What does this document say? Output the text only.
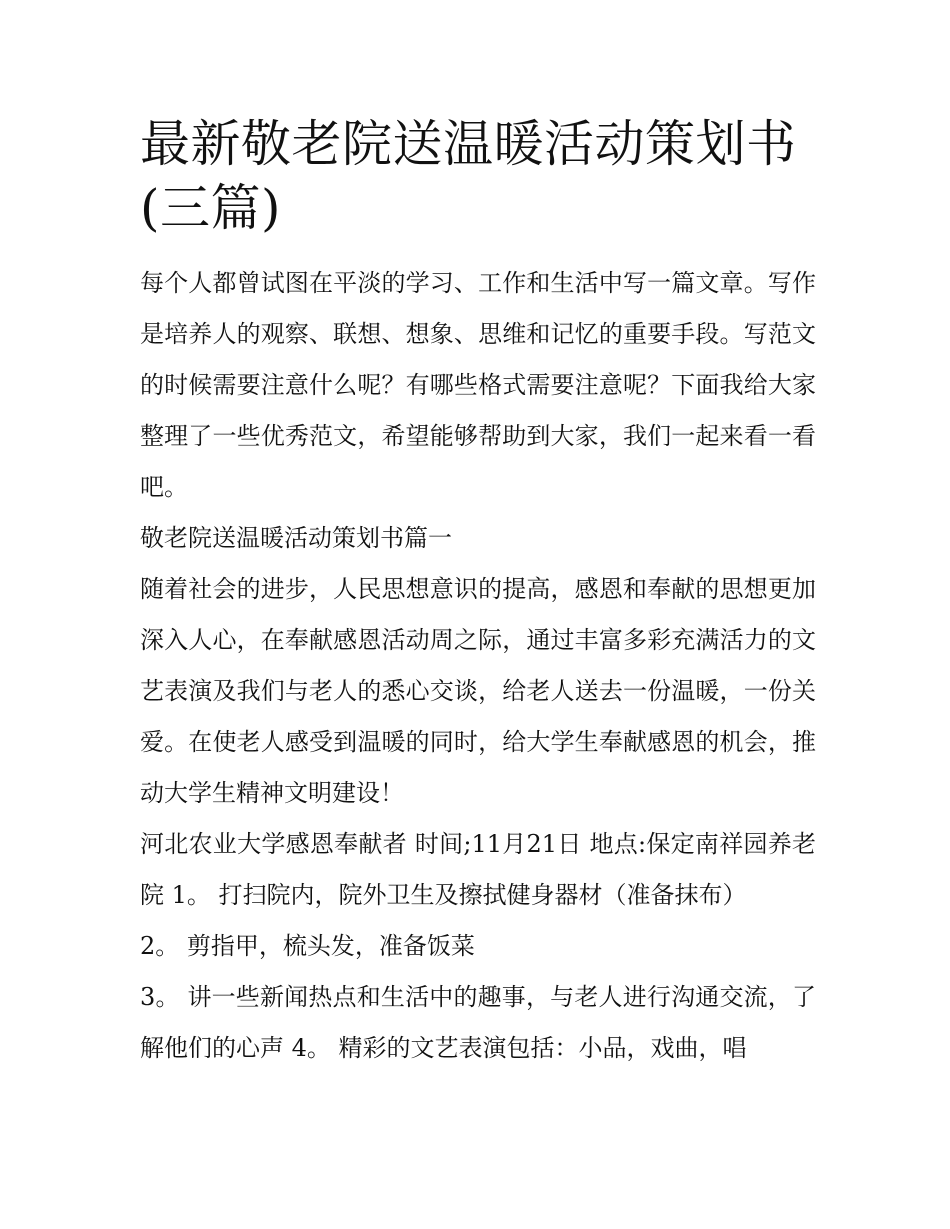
最新敬老院送温暖活动策划书(三篇)

每个人都曾试图在平淡的学习、工作和生活中写一篇文章。写作是培养人的观察、联想、想象、思维和记忆的重要手段。写范文的时候需要注意什么呢？有哪些格式需要注意呢？下面我给大家整理了一些优秀范文，希望能够帮助到大家，我们一起来看一看吧。

敬老院送温暖活动策划书篇一

随着社会的进步，人民思想意识的提高，感恩和奉献的思想更加深入人心，在奉献感恩活动周之际，通过丰富多彩充满活力的文艺表演及我们与老人的悉心交谈，给老人送去一份温暖，一份关爱。在使老人感受到温暖的同时，给大学生奉献感恩的机会，推动大学生精神文明建设！

河北农业大学感恩奉献者 时间;11月21日 地点:保定南祥园养老院 1。 打扫院内，院外卫生及擦拭健身器材（准备抹布）

2。 剪指甲，梳头发，准备饭菜

3。 讲一些新闻热点和生活中的趣事，与老人进行沟通交流，了解他们的心声 4。 精彩的文艺表演包括：小品，戏曲，唱
